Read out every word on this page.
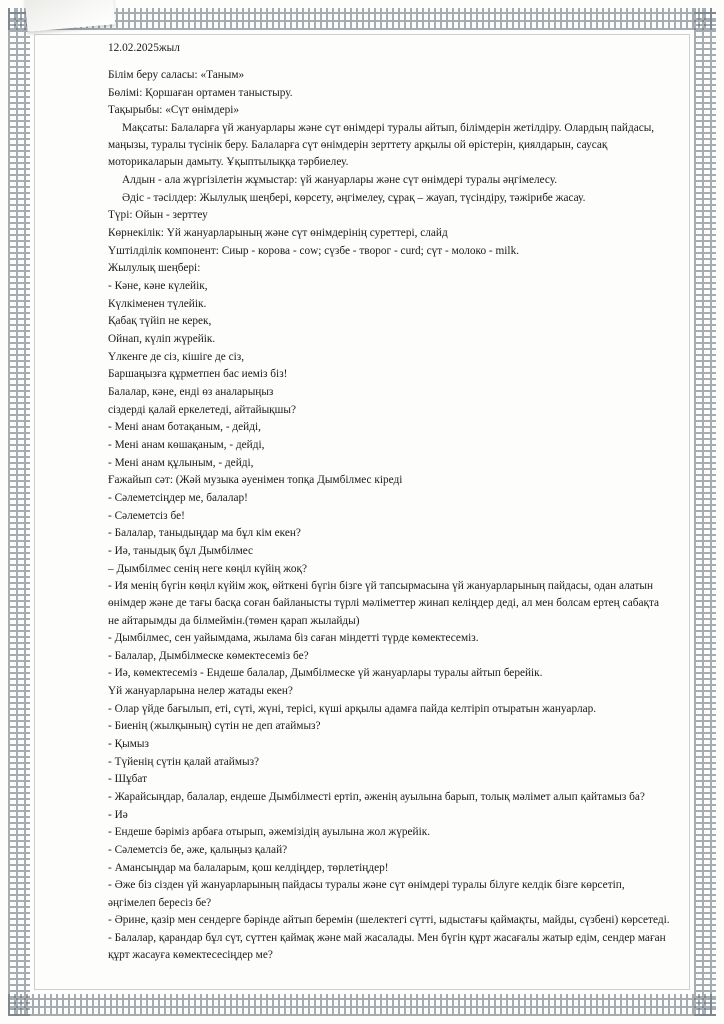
12.02.2025жыл
Білім беру саласы: «Таным»
Бөлімі: Қоршаған ортамен таныстыру.
Тақырыбы: «Сүт өнімдері»
Мақсаты: Балаларға үй жануарлары және сүт өнімдері туралы айтып, білімдерін жетілдіру. Олардың пайдасы, маңызы, туралы түсінік беру. Балаларға сүт өнімдерін зерттету арқылы ой өрістерін, қиялдарын, саусақ моторикаларын дамыту. Ұқыптылыққа тәрбиелеу.
Алдын - ала жүргізілетін жұмыстар: үй жануарлары және сүт өнімдері туралы әңгімелесу.
Әдіс - тәсілдер: Жылулық шеңбері, көрсету, әңгімелеу, сұрақ – жауап, түсіндіру, тәжірибе жасау.
Түрі: Ойын - зерттеу
Көрнекілік: Үй жануарларының және сүт өнімдерінің суреттері, слайд
Үштілділік компонент: Сиыр - корова - cow; сүзбе - творог - curd; сүт - молоко - milk.
Жылулық шеңбері:
- Кәне, кәне күлейік,
Күлкіменен түлейік.
Қабақ түйіп не керек,
Ойнап, күліп жүрейік.
Үлкенге де сіз, кішіге де сіз,
Баршаңызға құрметпен бас иеміз біз!
Балалар, кәне, енді өз аналарыңыз
сіздерді қалай еркелетеді, айтайықшы?
- Мені анам ботақаным, - дейді,
- Мені анам көшақаным, - дейді,
- Мені анам құлыным, - дейді,
Ғажайып сәт: (Жәй музыка әуенімен топқа Дымбілмес кіреді
- Сәлеметсіңдер ме, балалар!
- Сәлеметсіз бе!
- Балалар, таныдыңдар ма бұл кім екен?
- Иә, таныдық бұл Дымбілмес
– Дымбілмес сенің неге көңіл күйің жоқ?
- Ия менің бүгін көңіл күйім жоқ, өйткені бүгін бізге үй тапсырмасына үй жануарларының пайдасы, одан алатын өнімдер және де тағы басқа соған байланысты түрлі мәліметтер жинап келіңдер деді, ал мен болсам ертең сабақта не айтарымды да білмеймін.(төмен қарап жылайды)
- Дымбілмес, сен уайымдама, жылама біз саған міндетті түрде көмектесеміз.
- Балалар, Дымбілмеске көмектесеміз бе?
- Иә, көмектесеміз - Ендеше балалар, Дымбілмеске үй жануарлары туралы айтып берейік.
Үй жануарларына нелер жатады екен?
- Олар үйде бағылып, еті, сүті, жүні, терісі, күші арқылы адамға пайда келтіріп отыратын жануарлар.
- Биенің (жылқының) сүтін не деп атаймыз?
- Қымыз
- Түйенің сүтін қалай атаймыз?
- Шұбат
- Жарайсыңдар, балалар, ендеше Дымбілместі ертіп, әженің ауылына барып, толық мәлімет алып қайтамыз ба?
- Иә
- Ендеше бәріміз арбаға отырып, әжемізідің ауылына жол жүрейік.
- Сәлеметсіз бе, әже, қалыңыз қалай?
- Амансыңдар ма балаларым, қош келдіңдер, төрлетіңдер!
- Әже біз сізден үй жануарларының пайдасы туралы және сүт өнімдері туралы білуге келдік бізге көрсетіп, әңгімелеп бересіз бе?
- Әрине, қазір мен сендерге бәрінде айтып беремін (шелектегі сүтті, ыдыстағы қаймақты, майды, сүзбені) көрсетеді.
- Балалар, қарандар бұл сүт, сүттен қаймақ және май жасалады. Мен бүгін құрт жасағалы жатыр едім, сендер маған құрт жасауға көмектесесіңдер ме?
